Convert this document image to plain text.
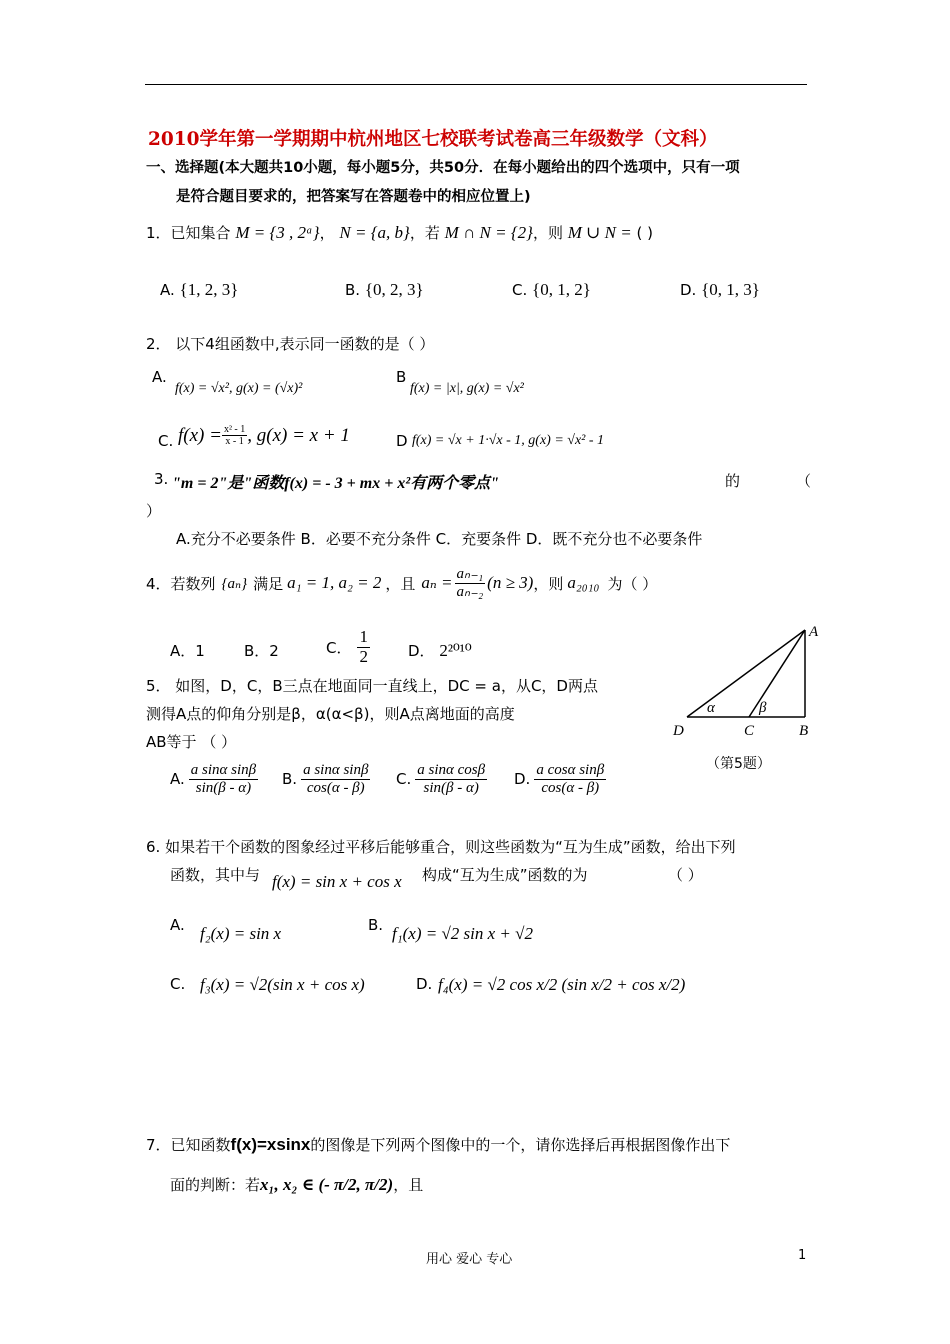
2010学年第一学期期中杭州地区七校联考试卷高三年级数学（文科）
一、选择题(本大题共10小题，每小题5分，共50分．在每小题给出的四个选项中，只有一项
是符合题目要求的，把答案写在答题卷中的相应位置上)
1．已知集合 M = {3 , 2ᵃ}， N = {a, b}，若 M ∩ N = {2}，则 M ∪ N = ( )
A. {1, 2, 3}	B. {0, 2, 3}	C. {0, 1, 2}	D. {0, 1, 3}
2． 以下4组函数中,表示同一函数的是（ ）
A.
f(x) = √x², g(x) = (√x)²
B
f(x) = |x|, g(x) = √x²
C. $f(x) = \frac{\text{x² - 1}}{x - 1}$ , g(x) = x + 1	D f(x) = √x + 1·√x - 1, g(x) = √x² - 1
3. "m = 2"是"函数f(x) = - 3 + mx + x²有两个零点"	的	（
）
A.充分不必要条件 B．必要不充分条件 C．充要条件 D．既不充分也不必要条件
4．若数列 {aₙ} 满足 a₁ = 1, a₂ = 2 ，且 $a_n = \frac{\text{aₙ₋₁}}{\text{aₙ₋₂}} (n \ge 3)$ ，则 a₂₀₁₀ 为（ ）
A．1	B．2	C． $\frac{1}{2}$	D． 2²⁰¹⁰
5． 如图，D，C，B三点在地面同一直线上，DC = a，从C，D两点
测得A点的仰角分别是β，α(α<β)，则A点离地面的高度
AB等于 （ ）
A. $\frac{\text{a sinα sinβ}}{\sin(\beta - \alpha)} B$. $\frac{\text{a sinα sinβ}}{\cos(\alpha - \beta)} C$. $\frac{\text{a sinα cosβ}}{\sin(\beta - \alpha)} D$. $\frac{\text{a cosα sinβ}}{\cos(\alpha - \beta)}$
A
B
C
D
α	β
（第5题）
6. 如果若干个函数的图象经过平移后能够重合，则这些函数为“互为生成”函数，给出下列
函数，其中与 f(x) = sin x + cos x 构成“互为生成”函数的为	（ ）
A. f₂(x) = sin x	B. f₁(x) = √2 sin x + √2
C. f₃(x) = √2(sin x + cos x)	D. f₄(x) = √2 cos x/2 (sin x/2 + cos x/2)
7．已知函数 f(x)=xsinx 的图像是下列两个图像中的一个，请你选择后再根据图像作出下
面的判断：若 x₁, x₂ ∈ (- π/2, π/2) ，且
用心 爱心 专心	1
